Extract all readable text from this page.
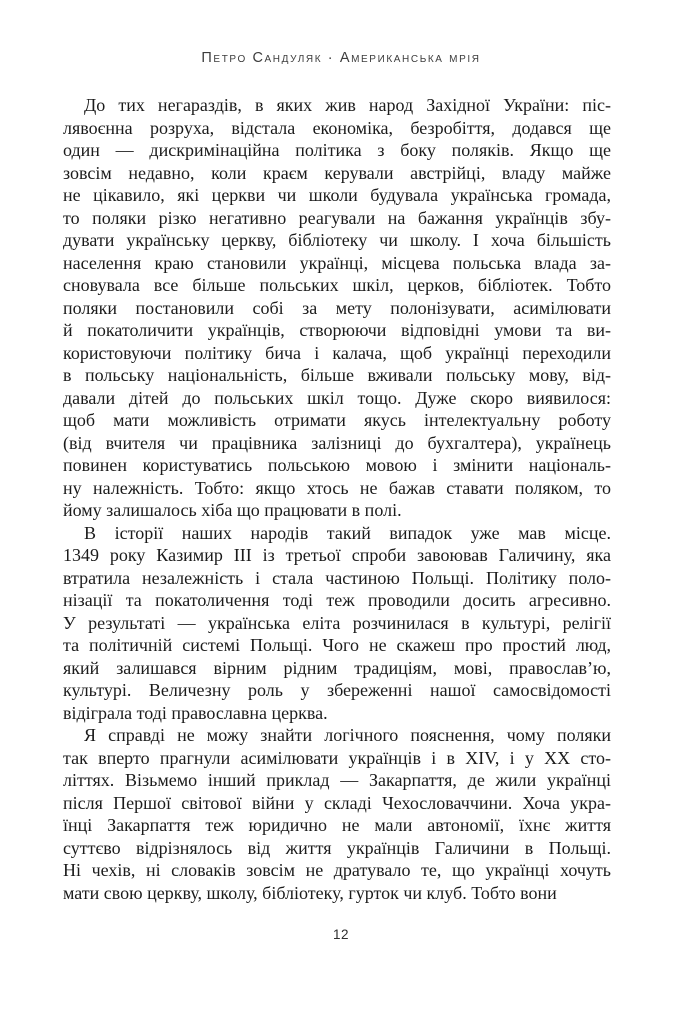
Петро Сандуляк · Американська мрія
До тих негараздів, в яких жив народ Західної України: піс-
лявоєнна розруха, відстала економіка, безробіття, додався ще
один — дискримінаційна політика з боку поляків. Якщо ще
зовсім недавно, коли краєм керували австрійці, владу майже
не цікавило, які церкви чи школи будувала українська громада,
то поляки різко негативно реагували на бажання українців збу-
дувати українську церкву, бібліотеку чи школу. І хоча більшість
населення краю становили українці, місцева польська влада за-
сновувала все більше польських шкіл, церков, бібліотек. Тобто
поляки постановили собі за мету полонізувати, асимілювати
й покатоличити українців, створюючи відповідні умови та ви-
користовуючи політику бича і калача, щоб українці переходили
в польську національність, більше вживали польську мову, від-
давали дітей до польських шкіл тощо. Дуже скоро виявилося:
щоб мати можливість отримати якусь інтелектуальну роботу
(від вчителя чи працівника залізниці до бухгалтера), українець
повинен користуватись польською мовою і змінити національ-
ну належність. Тобто: якщо хтось не бажав ставати поляком, то
йому залишалось хіба що працювати в полі.
В історії наших народів такий випадок уже мав місце.
1349 року Казимир III із третьої спроби завоював Галичину, яка
втратила незалежність і стала частиною Польщі. Політику поло-
нізації та покатоличення тоді теж проводили досить агресивно.
У результаті — українська еліта розчинилася в культурі, релігії
та політичній системі Польщі. Чого не скажеш про простий люд,
який залишався вірним рідним традиціям, мові, православ’ю,
культурі. Величезну роль у збереженні нашої самосвідомості
відіграла тоді православна церква.
Я справді не можу знайти логічного пояснення, чому поляки
так вперто прагнули асимілювати українців і в XIV, і у XX сто-
літтях. Візьмемо інший приклад — Закарпаття, де жили українці
після Першої світової війни у складі Чехословаччини. Хоча укра-
їнці Закарпаття теж юридично не мали автономії, їхнє життя
суттєво відрізнялось від життя українців Галичини в Польщі.
Ні чехів, ні словаків зовсім не дратувало те, що українці хочуть
мати свою церкву, школу, бібліотеку, гурток чи клуб. Тобто вони
12
